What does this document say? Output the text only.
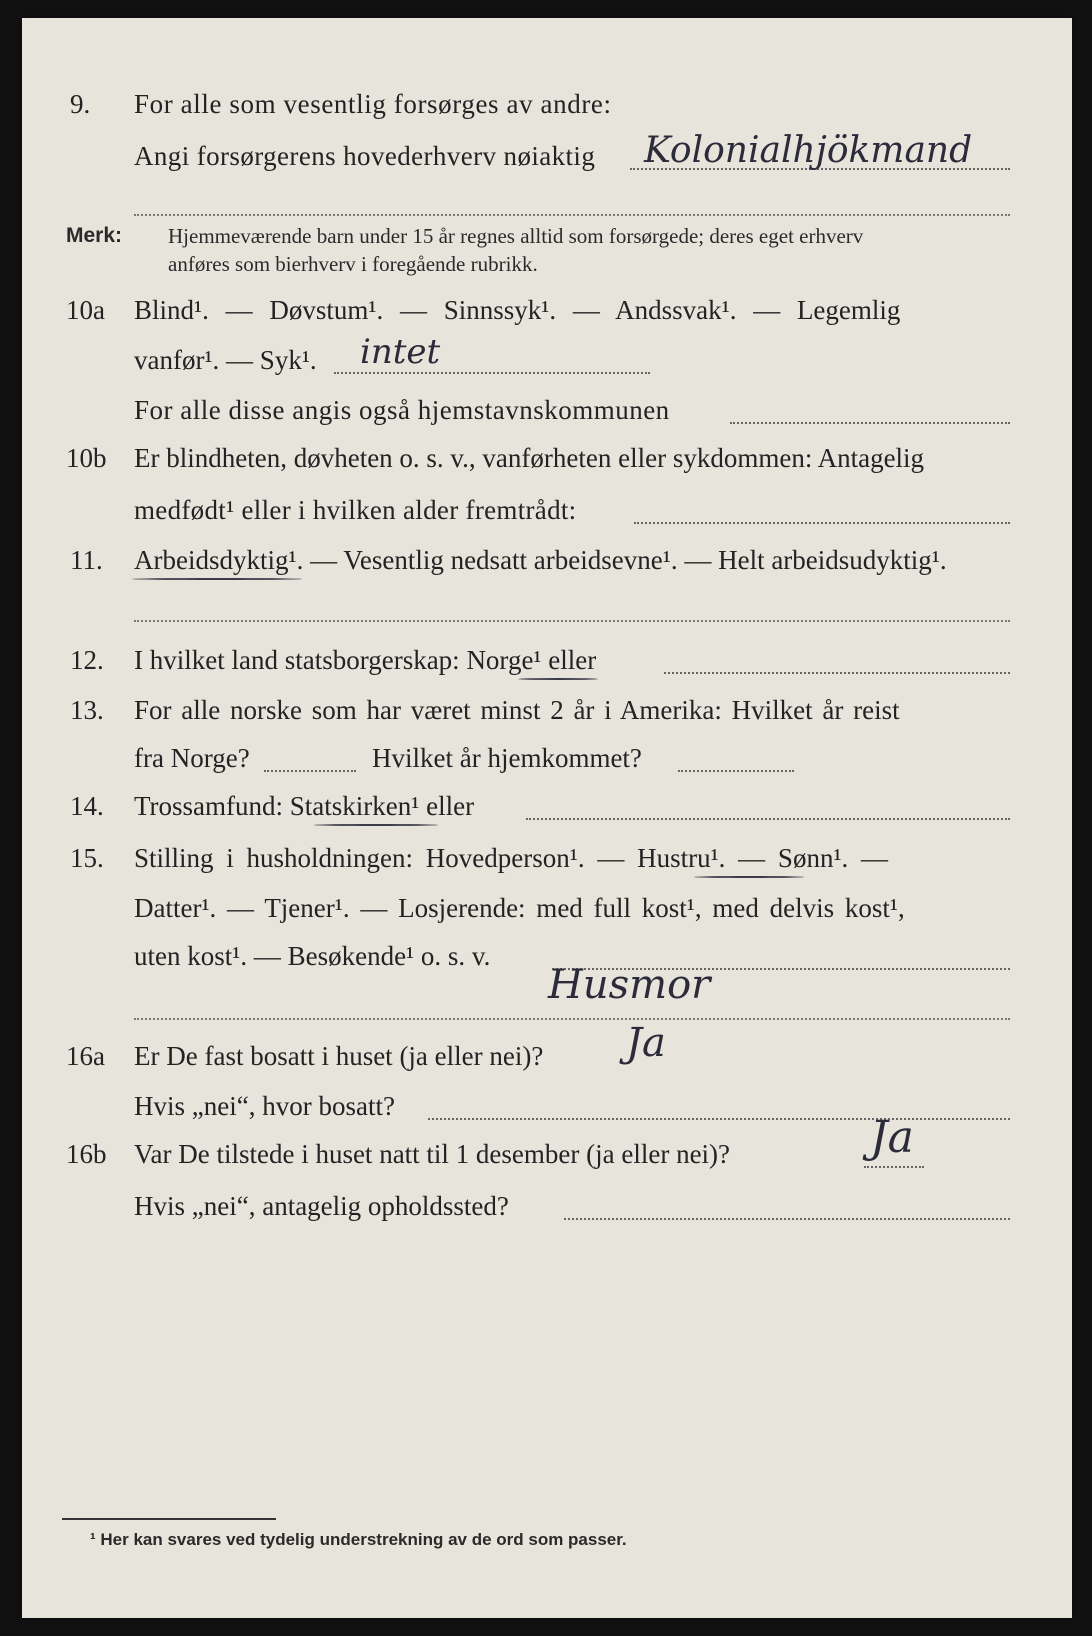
9. For alle som vesentlig forsørges av andre:
Angi forsørgerens hovederhverv nøiaktig Kolonialhjökmand
Merk: Hjemmeværende barn under 15 år regnes alltid som forsørgede; deres eget erhverv
anføres som bierhverv i foregående rubrikk.
10a Blind¹. — Døvstum¹. — Sinnssyk¹. — Andssvak¹. — Legemlig
vanfør¹. — Syk¹. intet
For alle disse angis også hjemstavnskommunen
10b Er blindheten, døvheten o. s. v., vanførheten eller sykdommen: Antagelig
medfødt¹ eller i hvilken alder fremtrådt:
11. Arbeidsdyktig¹. — Vesentlig nedsatt arbeidsevne¹. — Helt arbeidsudyktig¹.
12. I hvilket land statsborgerskap: Norge¹ eller
13. For alle norske som har været minst 2 år i Amerika: Hvilket år reist
fra Norge?	Hvilket år hjemkommet?
14. Trossamfund: Statskirken¹ eller
15. Stilling i husholdningen: Hovedperson¹. — Hustru¹. — Sønn¹. —
Datter¹. — Tjener¹. — Losjerende: med full kost¹, med delvis kost¹,
uten kost¹. — Besøkende¹ o. s. v.
Husmor
16a Er De fast bosatt i huset (ja eller nei)? Ja
Hvis „nei“, hvor bosatt?
16b Var De tilstede i huset natt til 1 desember (ja eller nei)?	Ja
Hvis „nei“, antagelig opholdssted?
¹ Her kan svares ved tydelig understrekning av de ord som passer.
